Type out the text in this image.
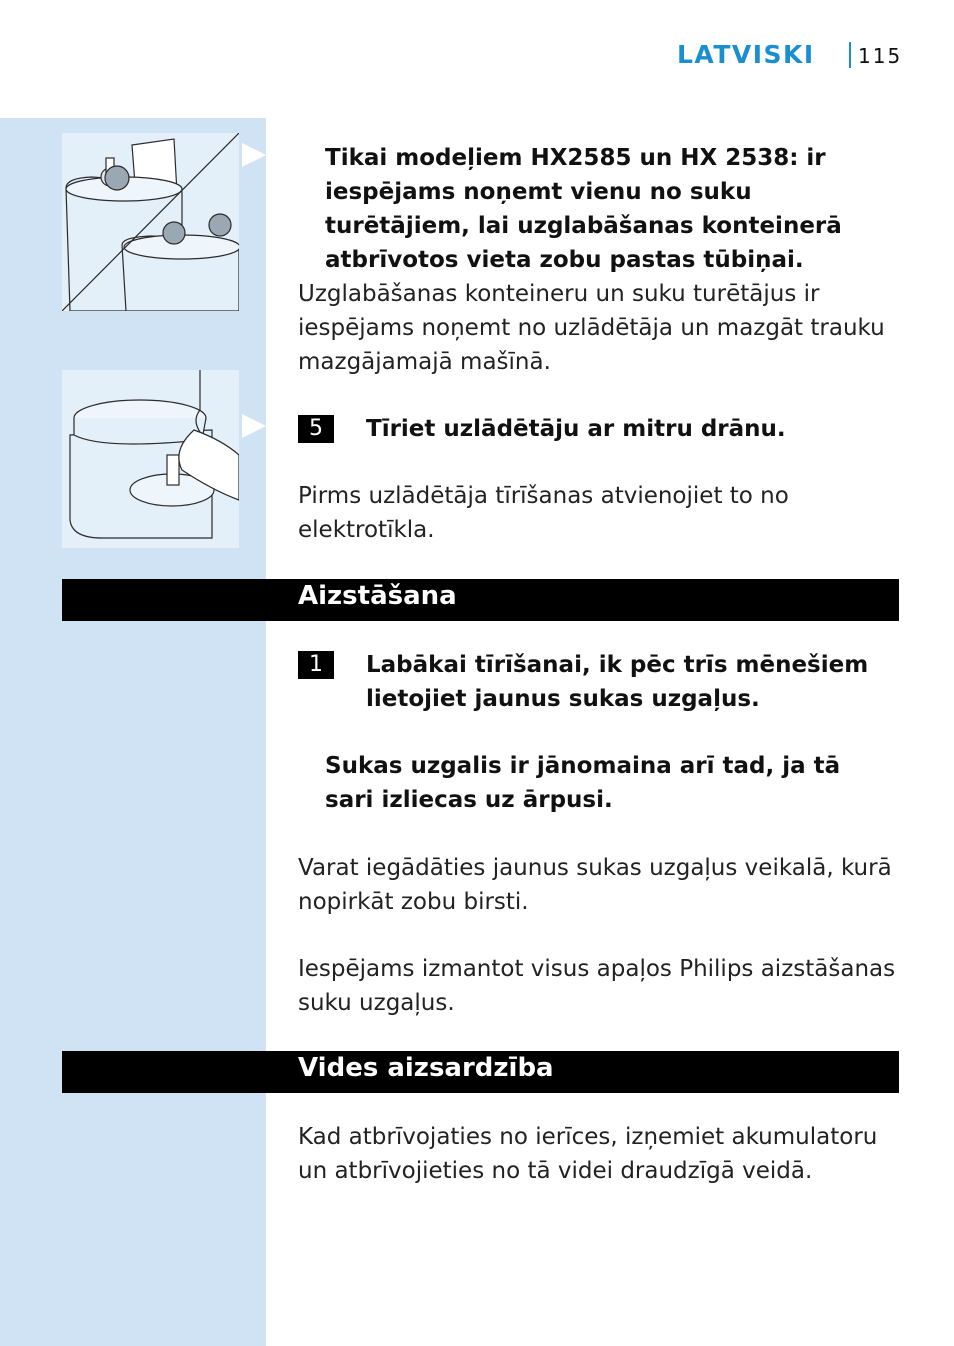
LATVISKI 115
Tikai modeļiem HX2585 un HX 2538: ir iespējams noņemt vienu no suku turētājiem, lai uzglabāšanas konteinerā atbrīvotos vieta zobu pastas tūbiņai.
Uzglabāšanas konteineru un suku turētājus ir iespējams noņemt no uzlādētāja un mazgāt trauku mazgājamajā mašīnā.
5	Tīriet uzlādētāju ar mitru drānu.
Pirms uzlādētāja tīrīšanas atvienojiet to no elektrotīkla.
Aizstāšana
1	Labākai tīrīšanai, ik pēc trīs mēnešiem lietojiet jaunus sukas uzgaļus.
Sukas uzgalis ir jānomaina arī tad, ja tā sari izliecas uz ārpusi.
Varat iegādāties jaunus sukas uzgaļus veikalā, kurā nopirkāt zobu birsti.
Iespējams izmantot visus apaļos Philips aizstāšanas suku uzgaļus.
Vides aizsardzība
Kad atbrīvojaties no ierīces, izņemiet akumulatoru un atbrīvojieties no tā videi draudzīgā veidā.
